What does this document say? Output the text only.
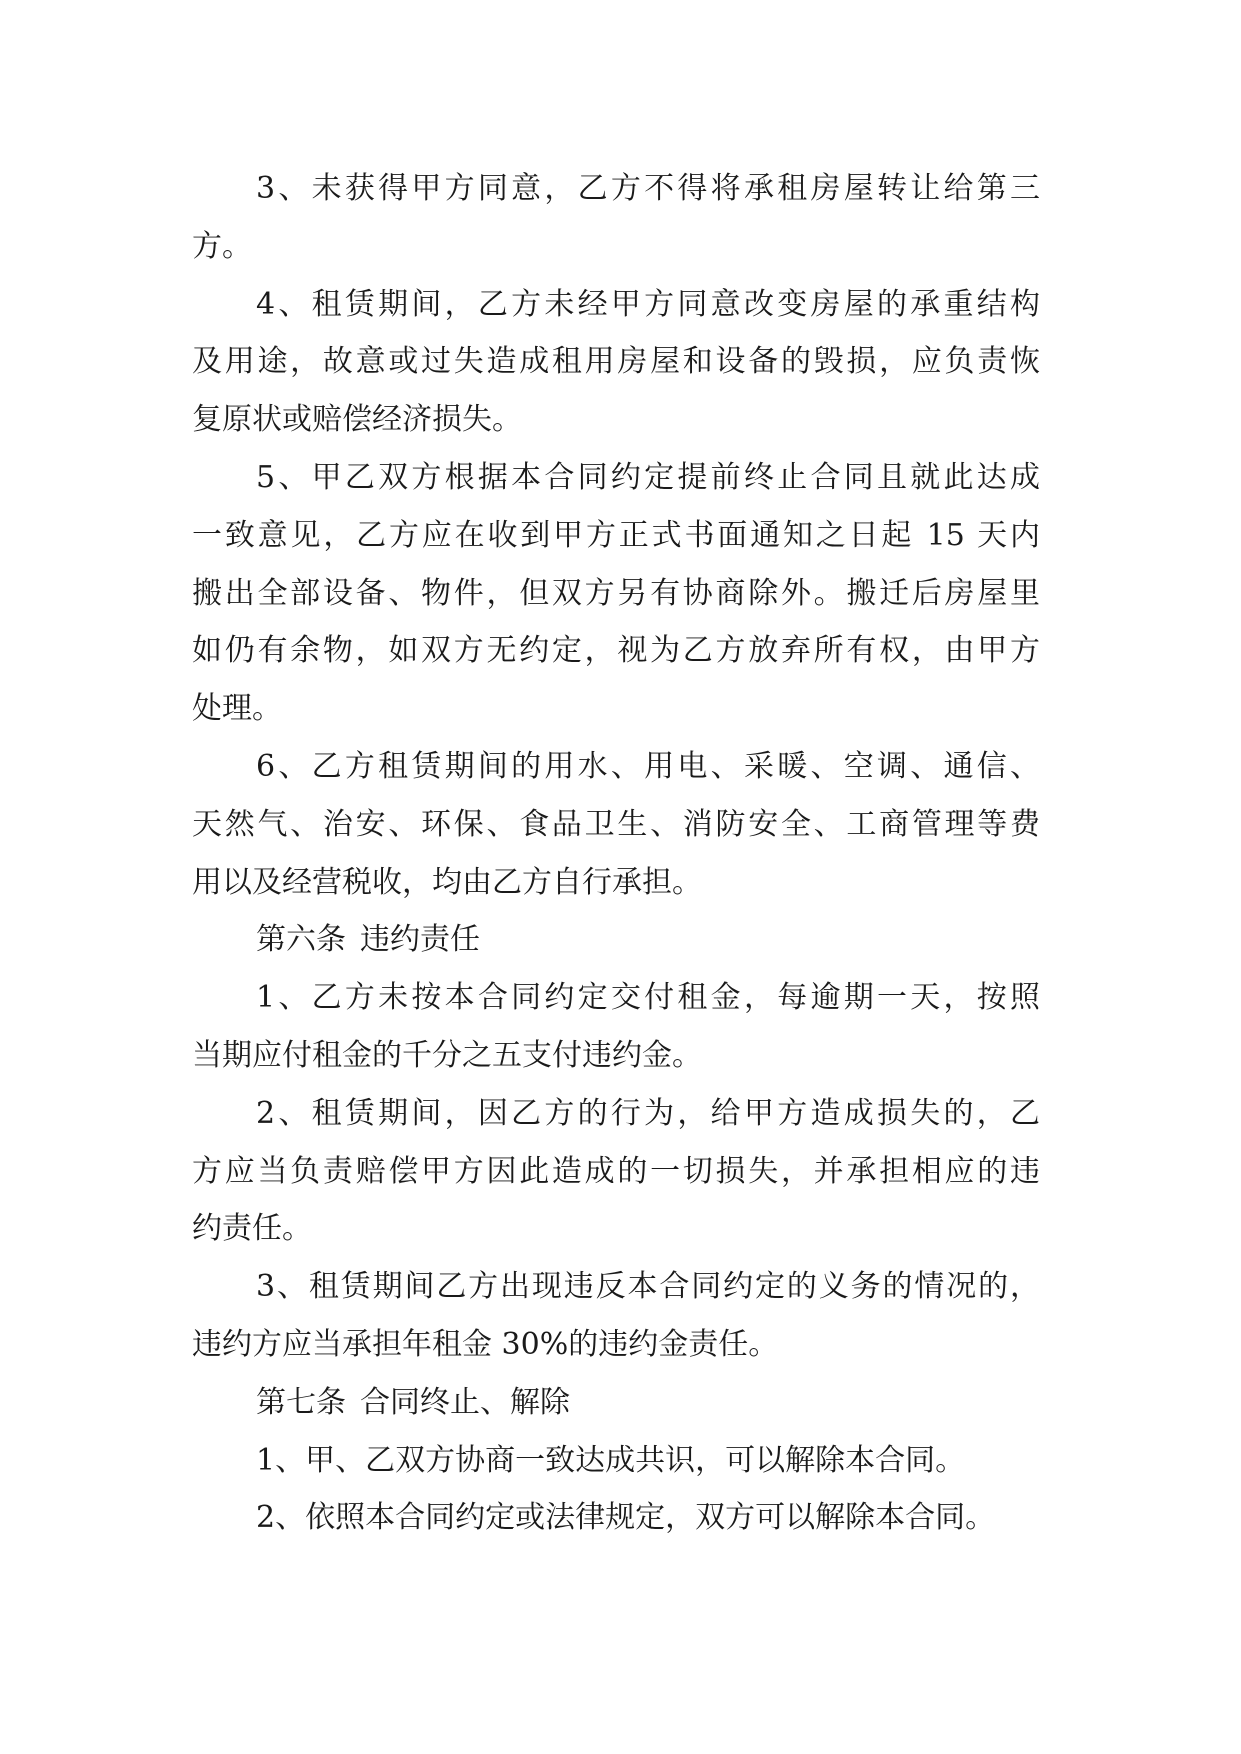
3、未获得甲方同意，乙方不得将承租房屋转让给第三
方。
4、租赁期间，乙方未经甲方同意改变房屋的承重结构
及用途，故意或过失造成租用房屋和设备的毁损，应负责恢
复原状或赔偿经济损失。
5、甲乙双方根据本合同约定提前终止合同且就此达成
一致意见，乙方应在收到甲方正式书面通知之日起 15 天内
搬出全部设备、物件，但双方另有协商除外。搬迁后房屋里
如仍有余物，如双方无约定，视为乙方放弃所有权，由甲方
处理。
6、乙方租赁期间的用水、用电、采暖、空调、通信、
天然气、治安、环保、食品卫生、消防安全、工商管理等费
用以及经营税收，均由乙方自行承担。
第六条 违约责任
1、乙方未按本合同约定交付租金，每逾期一天，按照
当期应付租金的千分之五支付违约金。
2、租赁期间，因乙方的行为，给甲方造成损失的，乙
方应当负责赔偿甲方因此造成的一切损失，并承担相应的违
约责任。
3、租赁期间乙方出现违反本合同约定的义务的情况的，
违约方应当承担年租金 30%的违约金责任。
第七条 合同终止、解除
1、甲、乙双方协商一致达成共识，可以解除本合同。
2、依照本合同约定或法律规定，双方可以解除本合同。
